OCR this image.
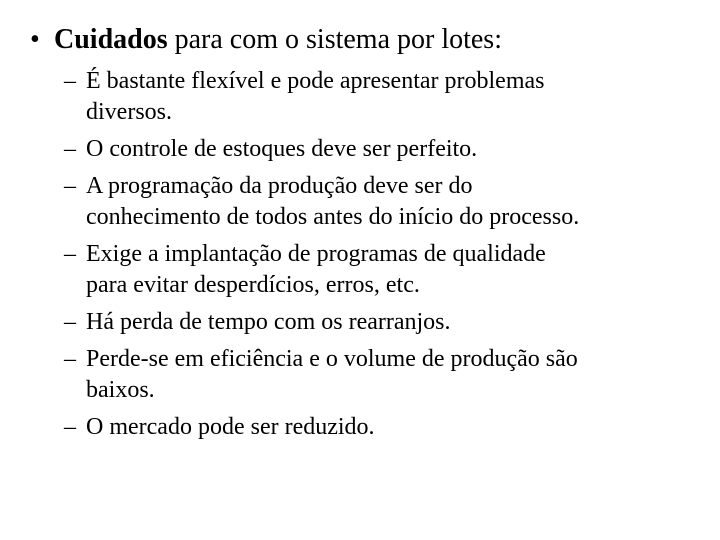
• Cuidados para com o sistema por lotes:
– É bastante flexível e pode apresentar problemas
diversos.
– O controle de estoques deve ser perfeito.
– A programação da produção deve ser do
conhecimento de todos antes do início do processo.
– Exige a implantação de programas de qualidade
para evitar desperdícios, erros, etc.
– Há perda de tempo com os rearranjos.
– Perde-se em eficiência e o volume de produção são
baixos.
– O mercado pode ser reduzido.
